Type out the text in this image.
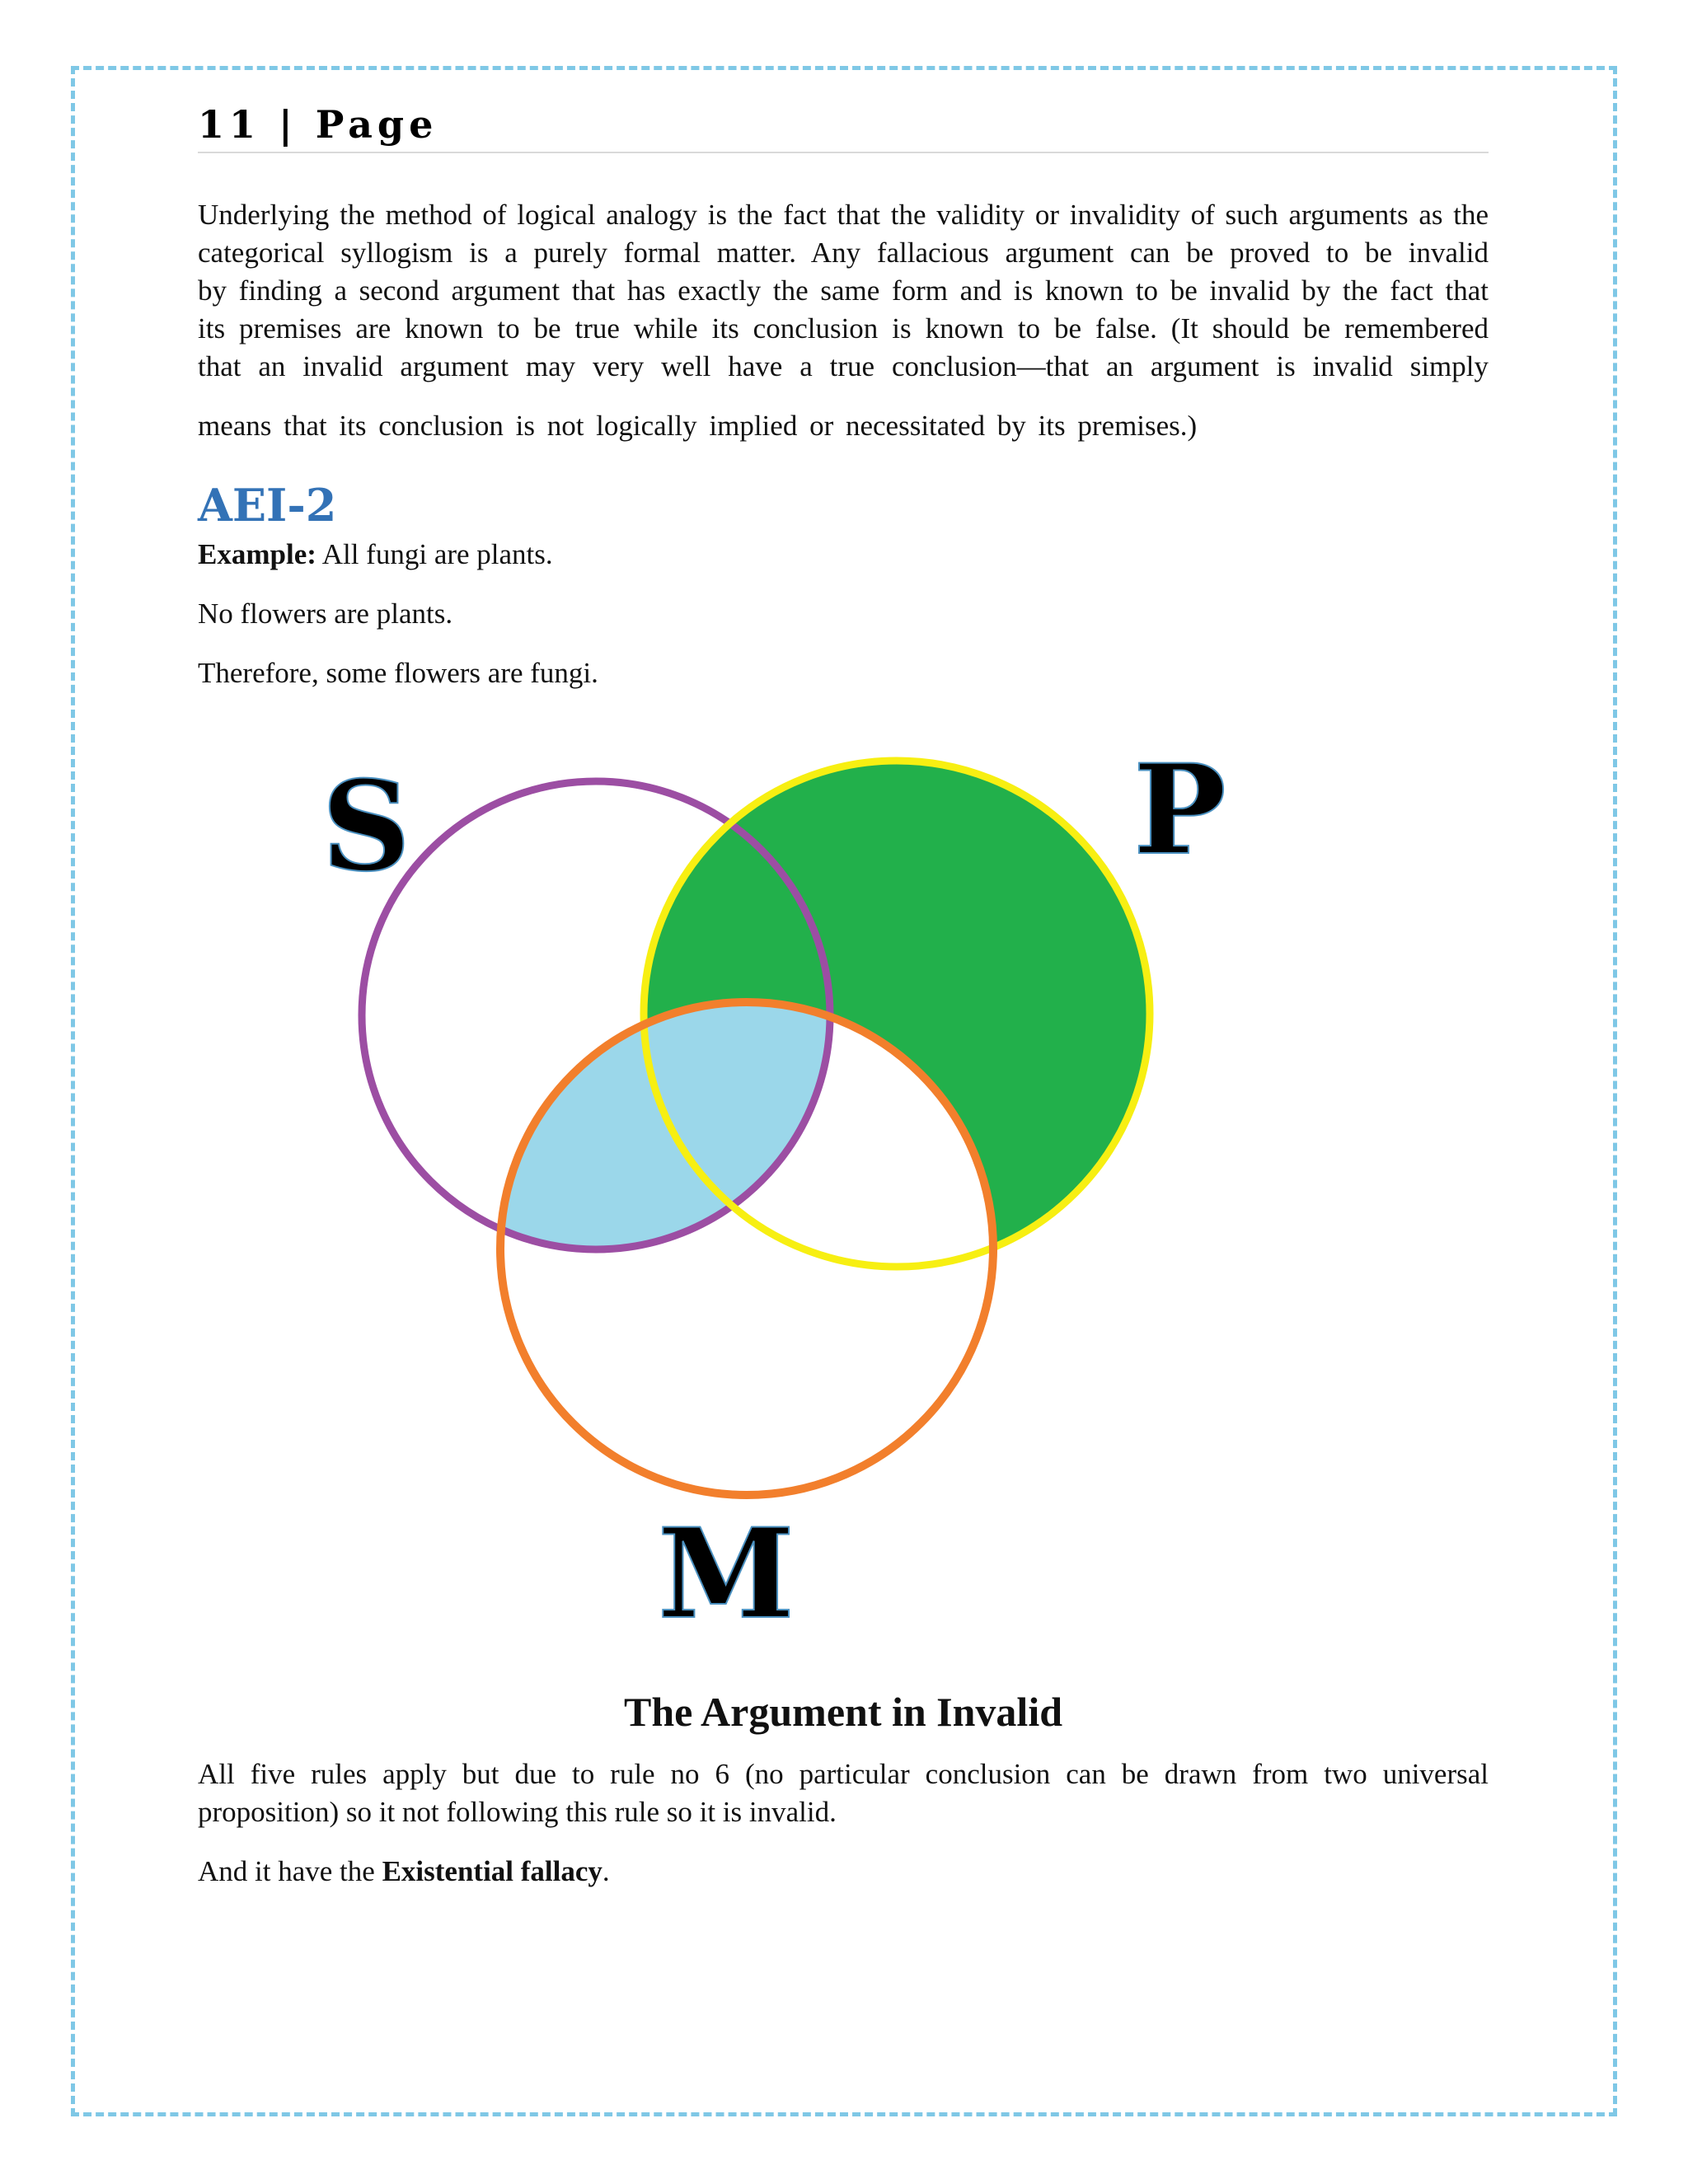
11 | Page
Underlying the method of logical analogy is the fact that the validity or invalidity of such arguments as the
categorical syllogism is a purely formal matter. Any fallacious argument can be proved to be invalid
by finding a second argument that has exactly the same form and is known to be invalid by the fact that
its premises are known to be true while its conclusion is known to be false. (It should be remembered
that an invalid argument may very well have a true conclusion—that an argument is invalid simply
means that its conclusion is not logically implied or necessitated by its premises.)
AEI-2
Example: All fungi are plants.
No flowers are plants.
Therefore, some flowers are fungi.
S	P
M
The Argument in Invalid
All five rules apply but due to rule no 6 (no particular conclusion can be drawn from two universal
proposition) so it not following this rule so it is invalid.
And it have the Existential fallacy.
